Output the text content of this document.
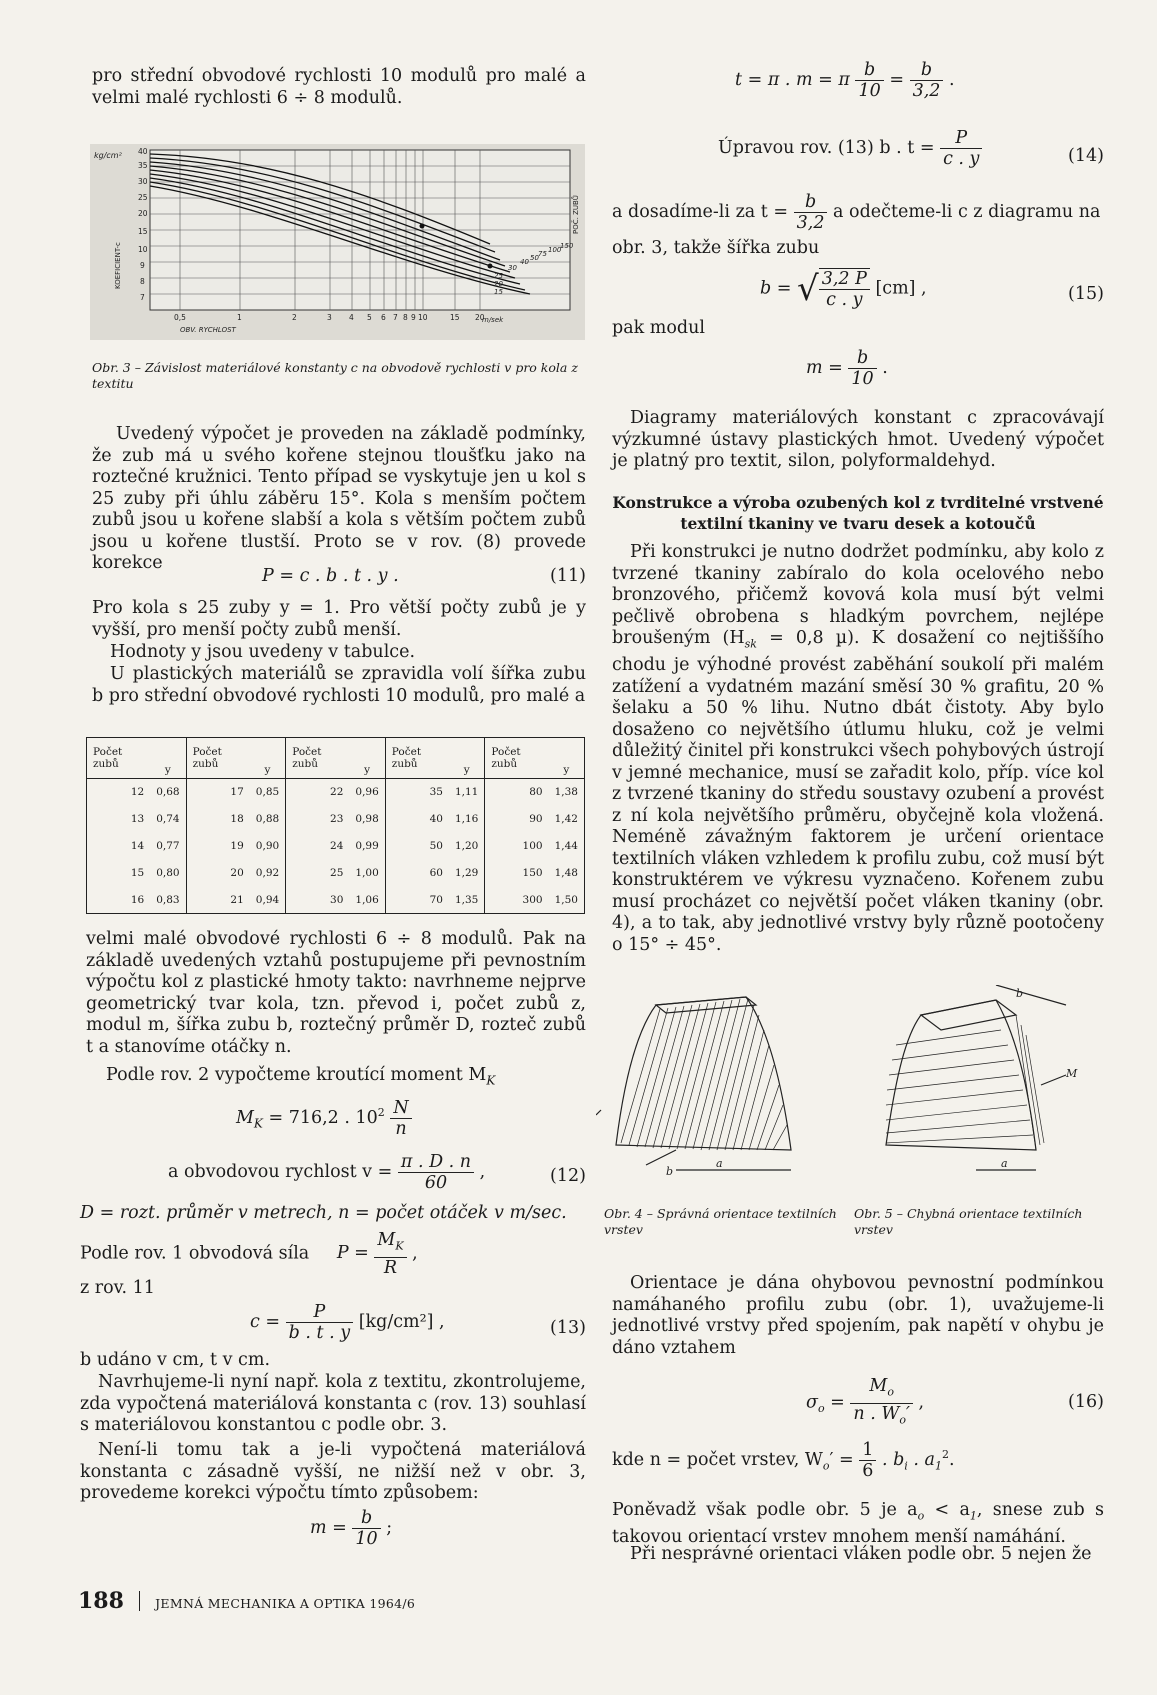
pro střední obvodové rychlosti 10 modulů pro malé a velmi malé rychlosti 6 ÷ 8 modulů.
kg/cm²
KOEFICIENT-c
OBV. RYCHLOST
m/sek
POČ. ZUBŮ
40
35
30
25
20
15
10
9
8
7
0,5	1	2	3 4 5 6 7 8 9 10	15 20
15
20
25
30
40 50 75 100
150
Obr. 3 – Závislost materiálové konstanty c na obvodově rychlosti v pro kola z textitu
Uvedený výpočet je proveden na základě podmínky, že zub má u svého kořene stejnou tloušťku jako na roztečné kružnici. Tento případ se vyskytuje jen u kol s 25 zuby při úhlu záběru 15°. Kola s menším počtem zubů jsou u kořene slabší a kola s větším počtem zubů jsou u kořene tlustší. Proto se v rov. (8) provede korekce
P = c . b . t . y .	(11)
Pro kola s 25 zuby y = 1. Pro větší počty zubů je y vyšší, pro menší počty zubů menší.
Hodnoty y jsou uvedeny v tabulce.
U plastických materiálů se zpravidla volí šířka zubu b pro střední obvodové rychlosti 10 modulů, pro malé a
Počet zubů	y	Počet zubů	y	Počet zubů	y	Počet zubů	y	Počet zubů	y
12	0,68	17	0,85	22	0,96	35	1,11	80	1,38
13	0,74	18	0,88	23	0,98	40	1,16	90	1,42
14	0,77	19	0,90	24	0,99	50	1,20	100	1,44
15	0,80	20	0,92	25	1,00	60	1,29	150	1,48
16	0,83	21	0,94	30	1,06	70	1,35	300	1,50
velmi malé obvodové rychlosti 6 ÷ 8 modulů. Pak na základě uvedených vztahů postupujeme při pevnostním výpočtu kol z plastické hmoty takto: navrhneme nejprve geometrický tvar kola, tzn. převod i, počet zubů z, modul m, šířka zubu b, roztečný průměr D, rozteč zubů t a stanovíme otáčky n.
Podle rov. 2 vypočteme kroutící moment $M_K$
$M_K = 716,2$ . $10^2 \frac{N}{n}$
a obvodovou rychlost $v = \frac{\pi . D . n}{60}$ ,	(12)
D = rozt. průměr v metrech, n = počet otáček v m/sec.
Podle rov. 1 obvodová síla $P = \frac{M_K}{R}$ ,
z rov. 11
$c = \frac{P}{b . t . y} [kg/cm^2]$ ,	(13)
b udáno v cm, t v cm.
Navrhujeme-li nyní např. kola z textitu, zkontrolujeme, zda vypočtená materiálová konstanta c (rov. 13) souhlasí s materiálovou konstantou c podle obr. 3.
Není-li tomu tak a je-li vypočtená materiálová konstanta c zásadně vyšší, ne nižší než v obr. 3, provedeme korekci výpočtu tímto způsobem:
$m = \frac{b}{10}$ ;
188 JEMNÁ MECHANIKA A OPTIKA 1964/6
t = π . m = π $\frac{b}{10} = \frac{b}{3,2}$ .
Úpravou rov. (13) b . $t = \frac{P}{c . y}$	(14)
a dosadíme-li za $t = \frac{b}{3,2}$ a odečteme-li c z diagramu na
obr. 3, takže šířka zubu
b = √ $\frac{3,2 P}{c . y} [cm]$ ,	(15)
pak modul
$m = \frac{b}{10}$ .
Diagramy materiálových konstant c zpracovávají výzkumné ústavy plastických hmot. Uvedený výpočet je platný pro textit, silon, polyformaldehyd.
Konstrukce a výroba ozubených kol z tvrditelné vrstvené textilní tkaniny ve tvaru desek a kotoučů
Při konstrukci je nutno dodržet podmínku, aby kolo z tvrzené tkaniny zabíralo do kola ocelového nebo bronzového, přičemž kovová kola musí být velmi pečlivě obrobena s hladkým povrchem, nejlépe broušeným ($H_{sk} = 0,8$ µ). K dosažení co nejtiššího chodu je výhodné provést zaběhání soukolí při malém zatížení a vydatném mazání směsí 30 % grafitu, 20 % šelaku a 50 % lihu. Nutno dbát čistoty. Aby bylo dosaženo co největšího útlumu hluku, což je velmi důležitý činitel při konstrukci všech pohybových ústrojí v jemné mechanice, musí se zařadit kolo, příp. více kol z tvrzené tkaniny do středu soustavy ozubení a provést z ní kola největšího průměru, obyčejně kola vložená. Neméně závažným faktorem je určení orientace textilních vláken vzhledem k profilu zubu, což musí být konstruktérem ve výkresu vyznačeno. Kořenem zubu musí procházet co největší počet vláken tkaniny (obr. 4), a to tak, aby jednotlivé vrstvy byly různě pootočeny o 15° ÷ 45°.
a
b
M
a
b
Obr. 4 – Správná orientace textilních vrstev
Obr. 5 – Chybná orientace textilních vrstev
Orientace je dána ohybovou pevnostní podmínkou namáhaného profilu zubu (obr. 1), uvažujeme-li jednotlivé vrstvy před spojením, pak napětí v ohybu je dáno vztahem
$\sigma_o = \frac{M_o}{n . W_o'}$ ,	(16)
kde n = počet vrstev, $W_o' = \frac{1}{6}$ . $b_i$ . $a_1^2$.
Poněvadž však podle obr. 5 je $a_o < a_1$, snese zub s takovou orientací vrstev mnohem menší namáhání.
Při nesprávné orientaci vláken podle obr. 5 nejen že
